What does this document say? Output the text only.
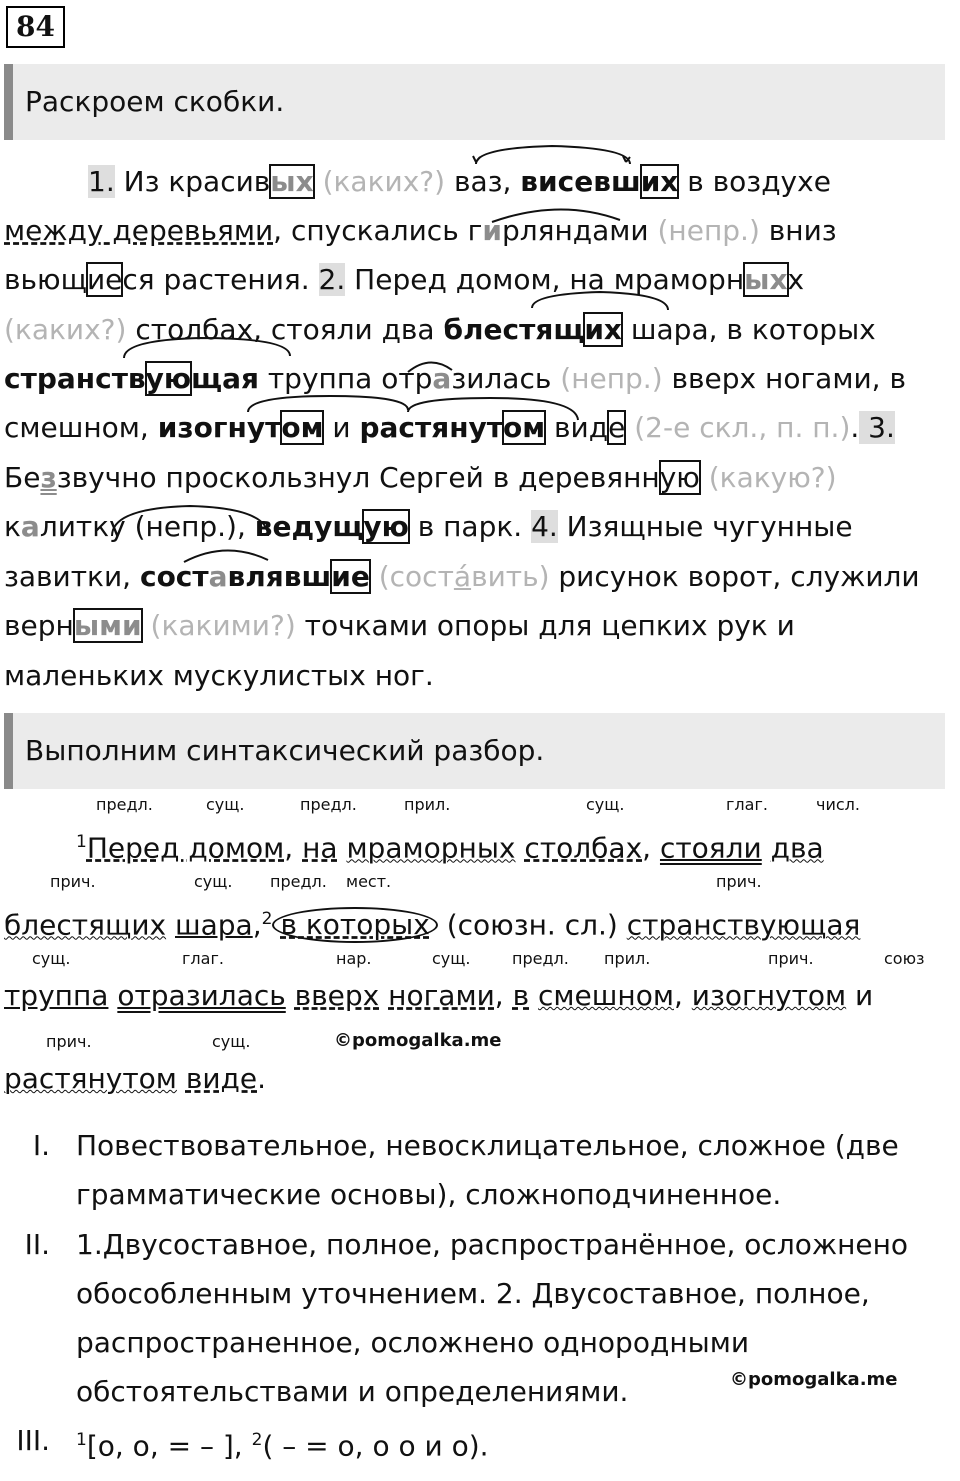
84
Раскроем скобки.
1. Из красивых (каких?) ваз, висевших в воздухе
между деревьями, спускались гирляндами (непр.) вниз
вьющиеся растения. 2. Перед домом, на мраморныхх
(каких?) столбах, стояли два блестящих шара, в которых
странствующая труппа отразилась (непр.) вверх ногами, в
смешном, изогнутом и растянутом виде (2-е скл., п. п.). 3.
Беззвучно проскользнул Сергей в деревянную (какую?)
калитку (непр.), ведущую в парк. 4. Изящные чугунные
завитки, составлявшие (соста́вить) рисунок ворот, служили
верными (какими?) точками опоры для цепких рук и
маленьких мускулистых ног.
Выполним синтаксический разбор.
предл.	сущ.	предл.	прил.	сущ.	глаг.	числ.
$^1$Перед домом, на мраморных столбах, стояли два
прич.	сущ. предл. мест.	прич.
блестящих шара,$^2$ в которых (союзн. сл.) странствующая
сущ.	глаг.	нар.	сущ.	предл. прил.	прич.	союз
труппа отразилась вверх ногами, в смешном, изогнутом и
прич.	сущ.	©pomogalka.me
растянутом виде.
I. Повествовательное, невосклицательное, сложное (две грамматические основы), сложноподчиненное.
II. 1.Двусоставное, полное, распространённое, осложнено обособленным уточнением. 2. Двусоставное, полное, распространенное, осложнено однородными обстоятельствами и определениями.	©pomogalka.me
III. $^1$[о, о, = – ], $^2$( – = о, о о и о).
